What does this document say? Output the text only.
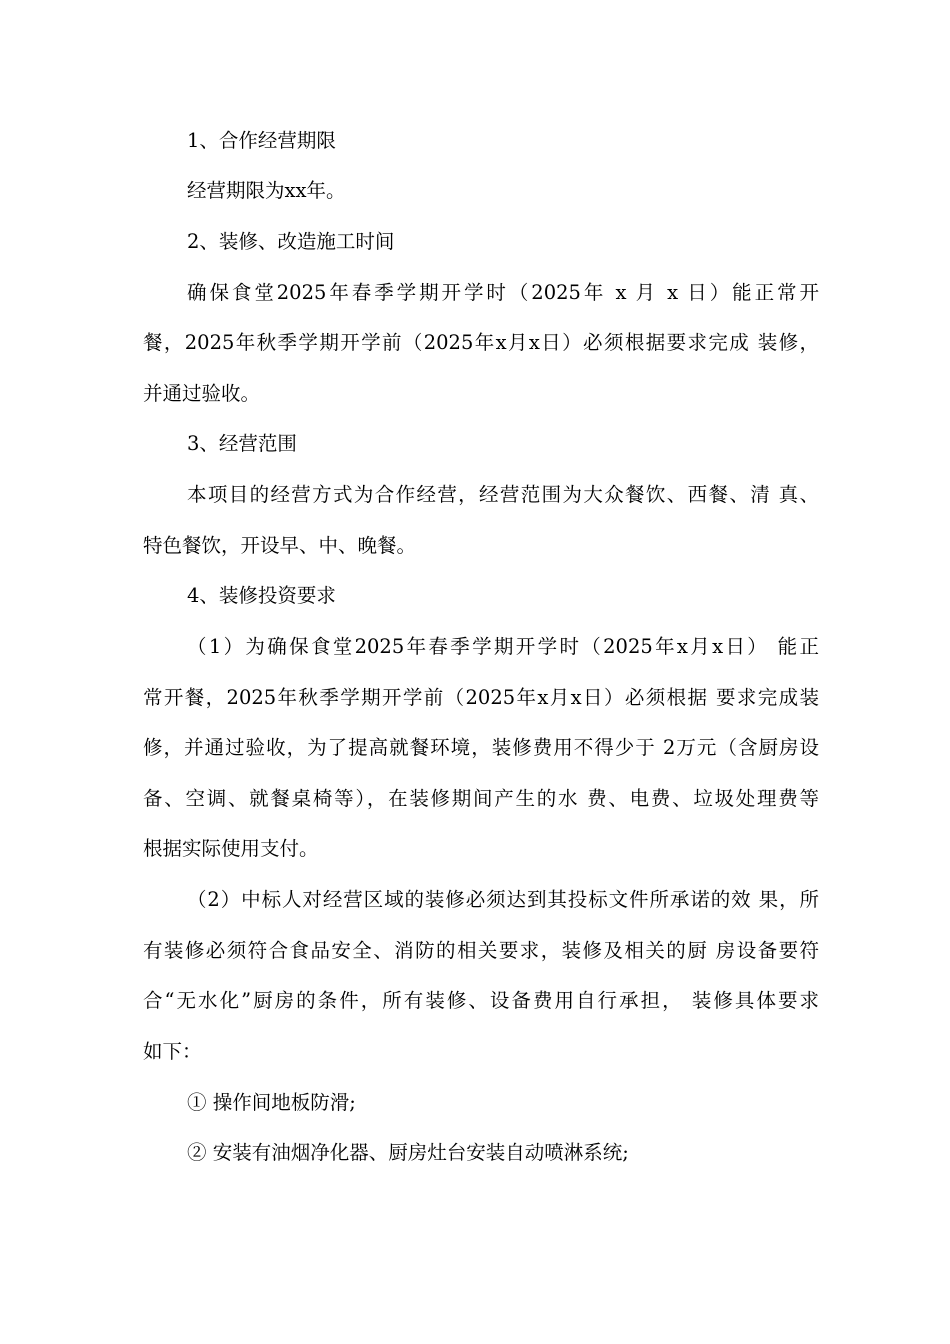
1、合作经营期限
经营期限为xx年。
2、装修、改造施工时间
确保食堂2025年春季学期开学时（2025年 x 月 x 日）能正常开
餐，2025年秋季学期开学前（2025年x月x日）必须根据要求完成 装修，
并通过验收。
3、经营范围
本项目的经营方式为合作经营，经营范围为大众餐饮、西餐、清 真、
特色餐饮，开设早、中、晚餐。
4、装修投资要求
（1）为确保食堂2025年春季学期开学时（2025年x月x日） 能正
常开餐，2025年秋季学期开学前（2025年x月x日）必须根据 要求完成装
修，并通过验收，为了提高就餐环境，装修费用不得少于 2万元（含厨房设
备、空调、就餐桌椅等），在装修期间产生的水 费、电费、垃圾处理费等
根据实际使用支付。
（2）中标人对经营区域的装修必须达到其投标文件所承诺的效 果，所
有装修必须符合食品安全、消防的相关要求，装修及相关的厨 房设备要符
合“无水化”厨房的条件，所有装修、设备费用自行承担， 装修具体要求
如下：
① 操作间地板防滑;
② 安装有油烟净化器、厨房灶台安装自动喷淋系统;
